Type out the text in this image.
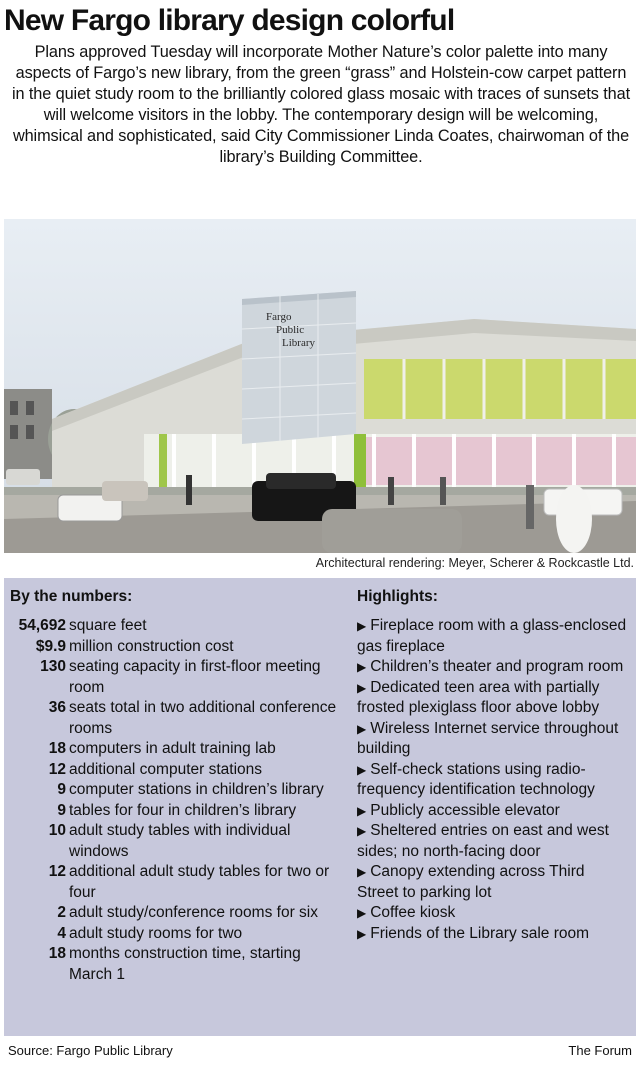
New Fargo library design colorful
Plans approved Tuesday will incorporate Mother Nature’s color palette into many aspects of Fargo’s new library, from the green “grass” and Holstein-cow carpet pattern in the quiet study room to the brilliantly colored glass mosaic with traces of sunsets that will welcome visitors in the lobby. The contemporary design will be welcoming, whimsical and sophisticated, said City Commissioner Linda Coates, chairwoman of the library’s Building Committee.
Fargo
Public
Library
Architectural rendering: Meyer, Scherer & Rockcastle Ltd.
By the numbers:	Highlights:
54,692 square feet
$9.9 million construction cost
130 seating capacity in first-floor meeting room
36 seats total in two additional conference rooms
18 computers in adult training lab
12 additional computer stations
9 computer stations in children’s library
9 tables for four in children’s library
10 adult study tables with individual windows
12 additional adult study tables for two or four
2 adult study/conference rooms for six
4 adult study rooms for two
18 months construction time, starting March 1
▶ Fireplace room with a glass-enclosed gas fireplace
▶ Children’s theater and program room
▶ Dedicated teen area with partially frosted plexiglass floor above lobby
▶ Wireless Internet service throughout building
▶ Self-check stations using radio-frequency identification technology
▶ Publicly accessible elevator
▶ Sheltered entries on east and west sides; no north-facing door
▶ Canopy extending across Third Street to parking lot
▶ Coffee kiosk
▶ Friends of the Library sale room
Source: Fargo Public Library	The Forum
